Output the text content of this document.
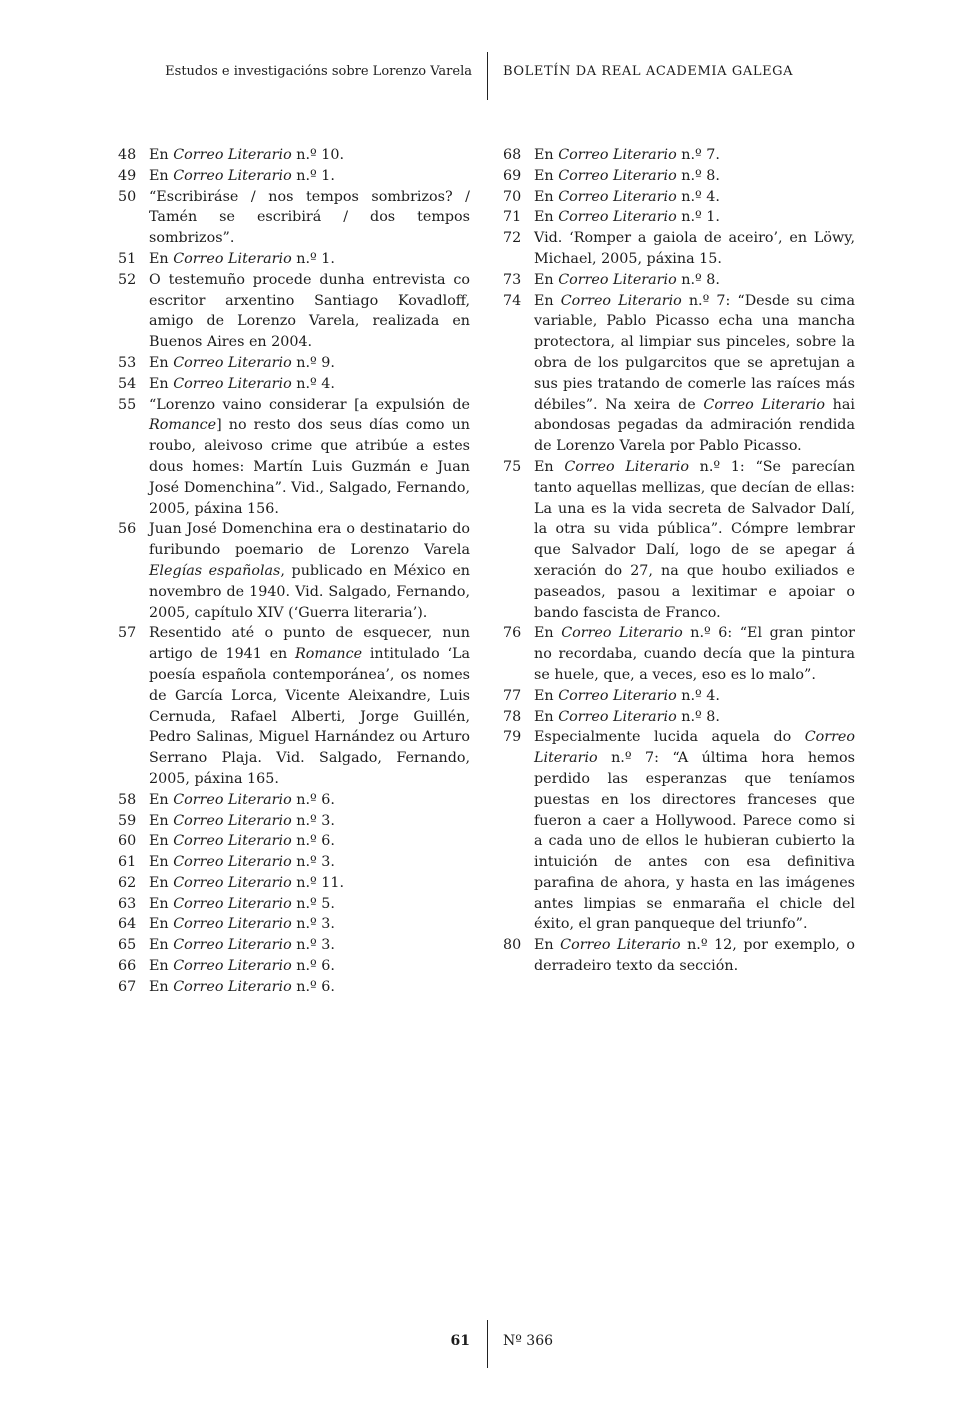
Estudos e investigacións sobre Lorenzo Varela BOLETÍN DA REAL ACADEMIA GALEGA
48 En Correo Literario n.º 10.
49 En Correo Literario n.º 1.
50 “Escribiráse / nos tempos sombrizos? / Tamén se escribirá / dos tempos sombrizos”.
51 En Correo Literario n.º 1.
52 O testemuño procede dunha entrevista co escritor arxentino Santiago Kovadloff, amigo de Lorenzo Varela, realizada en Buenos Aires en 2004.
53 En Correo Literario n.º 9.
54 En Correo Literario n.º 4.
55 “Lorenzo vaino considerar [a expulsión de Romance] no resto dos seus días como un roubo, aleivoso crime que atribúe a estes dous homes: Martín Luis Guzmán e Juan José Domenchina”. Vid., Salgado, Fernando, 2005, páxina 156.
56 Juan José Domenchina era o destinatario do furibundo poemario de Lorenzo Varela Elegías españolas, publicado en México en novembro de 1940. Vid. Salgado, Fernando, 2005, capítulo XIV (‘Guerra literaria’).
57 Resentido até o punto de esquecer, nun artigo de 1941 en Romance intitulado ‘La poesía española contemporánea’, os nomes de García Lorca, Vicente Aleixandre, Luis Cernuda, Rafael Alberti, Jorge Guillén, Pedro Salinas, Miguel Harnández ou Arturo Serrano Plaja. Vid. Salgado, Fernando, 2005, páxina 165.
58 En Correo Literario n.º 6.
59 En Correo Literario n.º 3.
60 En Correo Literario n.º 6.
61 En Correo Literario n.º 3.
62 En Correo Literario n.º 11.
63 En Correo Literario n.º 5.
64 En Correo Literario n.º 3.
65 En Correo Literario n.º 3.
66 En Correo Literario n.º 6.
67 En Correo Literario n.º 6.
68 En Correo Literario n.º 7.
69 En Correo Literario n.º 8.
70 En Correo Literario n.º 4.
71 En Correo Literario n.º 1.
72 Vid. ‘Romper a gaiola de aceiro’, en Löwy, Michael, 2005, páxina 15.
73 En Correo Literario n.º 8.
74 En Correo Literario n.º 7: “Desde su cima variable, Pablo Picasso echa una mancha protectora, al limpiar sus pinceles, sobre la obra de los pulgarcitos que se apretujan a sus pies tratando de comerle las raíces más débiles”. Na xeira de Correo Literario hai abondosas pegadas da admiración rendida de Lorenzo Varela por Pablo Picasso.
75 En Correo Literario n.º 1: “Se parecían tanto aquellas mellizas, que decían de ellas: La una es la vida secreta de Salvador Dalí, la otra su vida pública”. Cómpre lembrar que Salvador Dalí, logo de se apegar á xeración do 27, na que houbo exiliados e paseados, pasou a lexitimar e apoiar o bando fascista de Franco.
76 En Correo Literario n.º 6: “El gran pintor no recordaba, cuando decía que la pintura se huele, que, a veces, eso es lo malo”.
77 En Correo Literario n.º 4.
78 En Correo Literario n.º 8.
79 Especialmente lucida aquela do Correo Literario n.º 7: “A última hora hemos perdido las esperanzas que teníamos puestas en los directores franceses que fueron a caer a Hollywood. Parece como si a cada uno de ellos le hubieran cubierto la intuición de antes con esa definitiva parafina de ahora, y hasta en las imágenes antes limpias se enmaraña el chicle del éxito, el gran panqueque del triunfo”.
80 En Correo Literario n.º 12, por exemplo, o derradeiro texto da sección.
61 Nº 366
